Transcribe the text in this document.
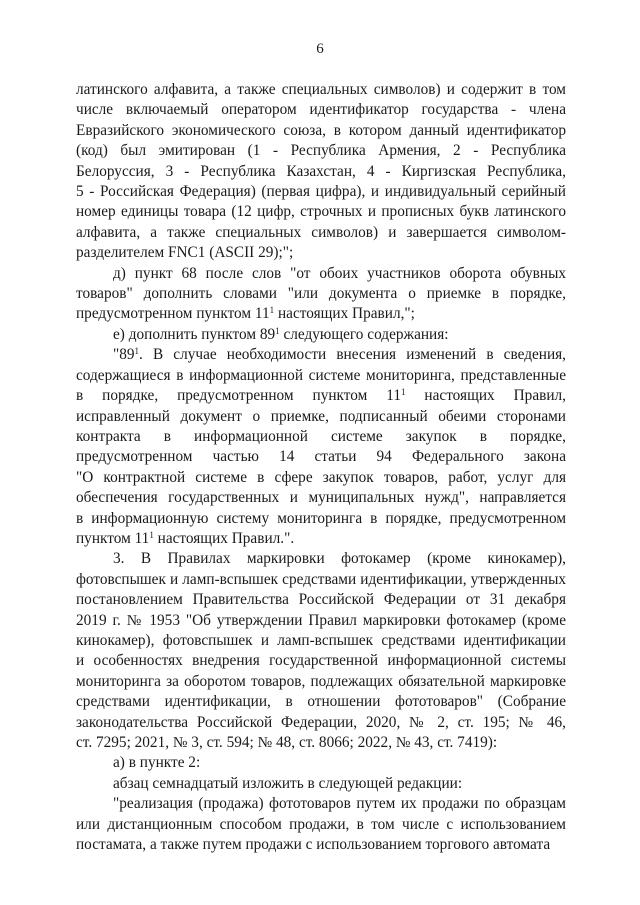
6
латинского алфавита, а также специальных символов) и содержит в том
числе включаемый оператором идентификатор государства - члена
Евразийского экономического союза, в котором данный идентификатор
(код) был эмитирован (1 - Республика Армения, 2 - Республика
Белоруссия, 3 - Республика Казахстан, 4 - Киргизская Республика,
5 - Российская Федерация) (первая цифра), и индивидуальный серийный
номер единицы товара (12 цифр, строчных и прописных букв латинского
алфавита, а также специальных символов) и завершается символом-
разделителем FNC1 (ASCII 29);";
д) пункт 68 после слов "от обоих участников оборота обувных
товаров" дополнить словами "или документа о приемке в порядке,
предусмотренном пунктом $11^1$ настоящих Правил,";
е) дополнить пунктом $89^1$ следующего содержания:
"$89^1$. В случае необходимости внесения изменений в сведения,
содержащиеся в информационной системе мониторинга, представленные
в порядке, предусмотренном пунктом $11^1$ настоящих Правил,
исправленный документ о приемке, подписанный обеими сторонами
контракта в информационной системе закупок в порядке,
предусмотренном частью 14 статьи 94 Федерального закона
"О контрактной системе в сфере закупок товаров, работ, услуг для
обеспечения государственных и муниципальных нужд", направляется
в информационную систему мониторинга в порядке, предусмотренном
пунктом $11^1$ настоящих Правил.".
3. В Правилах маркировки фотокамер (кроме кинокамер),
фотовспышек и ламп-вспышек средствами идентификации, утвержденных
постановлением Правительства Российской Федерации от 31 декабря
2019 г. № 1953 "Об утверждении Правил маркировки фотокамер (кроме
кинокамер), фотовспышек и ламп-вспышек средствами идентификации
и особенностях внедрения государственной информационной системы
мониторинга за оборотом товаров, подлежащих обязательной маркировке
средствами идентификации, в отношении фототоваров" (Собрание
законодательства Российской Федерации, 2020, № 2, ст. 195; № 46,
ст. 7295; 2021, № 3, ст. 594; № 48, ст. 8066; 2022, № 43, ст. 7419):
а) в пункте 2:
абзац семнадцатый изложить в следующей редакции:
"реализация (продажа) фототоваров путем их продажи по образцам
или дистанционным способом продажи, в том числе с использованием
постамата, а также путем продажи с использованием торгового автомата
